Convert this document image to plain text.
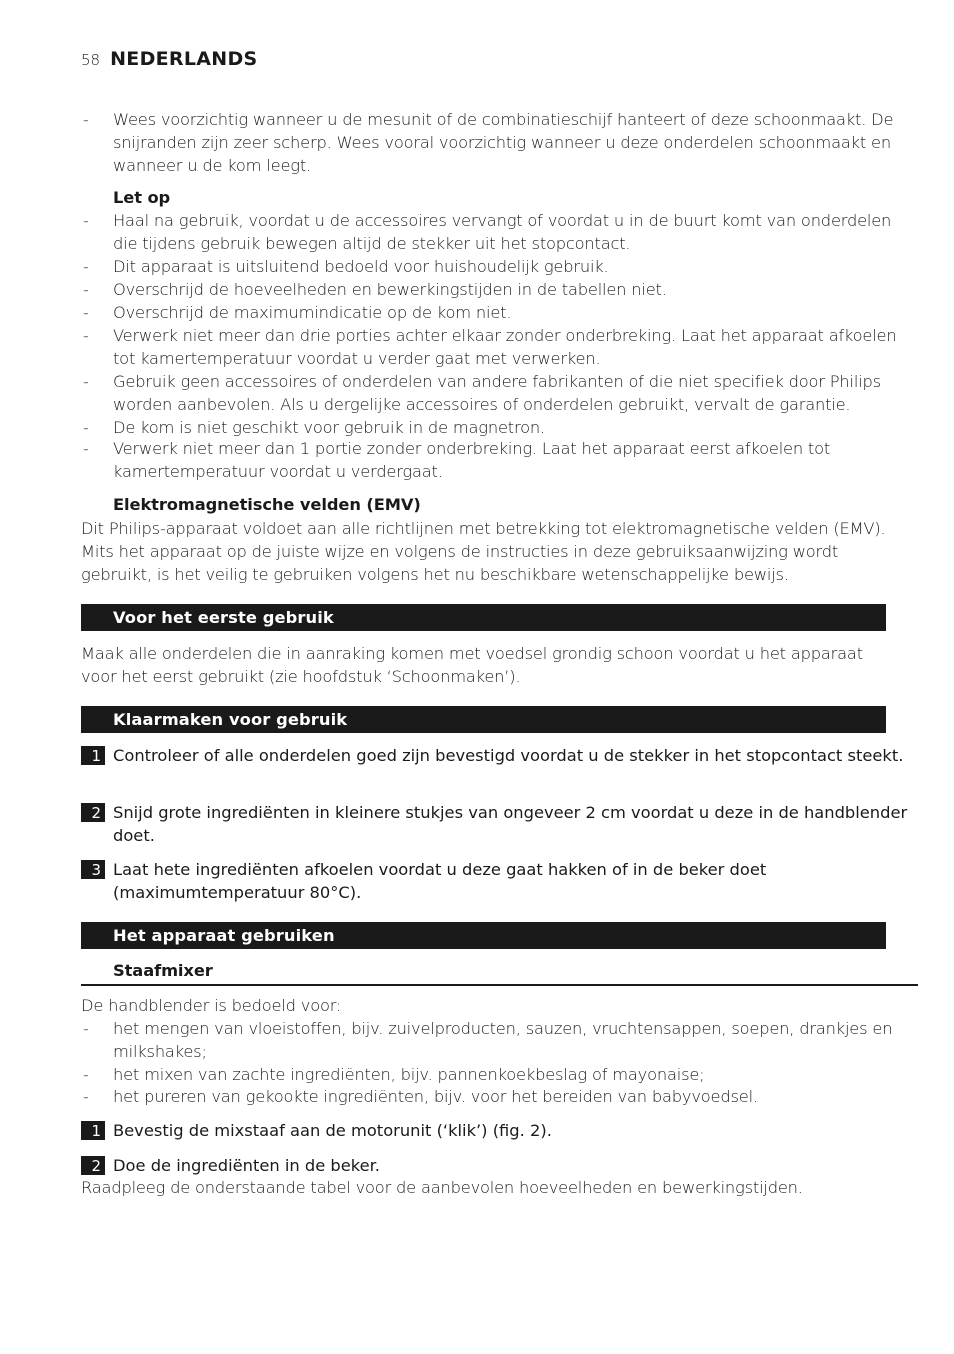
58 NEDERLANDS
- Wees voorzichtig wanneer u de mesunit of de combinatieschijf hanteert of deze schoonmaakt. De snijranden zijn zeer scherp. Wees vooral voorzichtig wanneer u deze onderdelen schoonmaakt en wanneer u de kom leegt.
Let op
- Haal na gebruik, voordat u de accessoires vervangt of voordat u in de buurt komt van onderdelen die tijdens gebruik bewegen altijd de stekker uit het stopcontact.
- Dit apparaat is uitsluitend bedoeld voor huishoudelijk gebruik.
- Overschrijd de hoeveelheden en bewerkingstijden in de tabellen niet.
- Overschrijd de maximumindicatie op de kom niet.
- Verwerk niet meer dan drie porties achter elkaar zonder onderbreking. Laat het apparaat afkoelen tot kamertemperatuur voordat u verder gaat met verwerken.
- Gebruik geen accessoires of onderdelen van andere fabrikanten of die niet specifiek door Philips worden aanbevolen. Als u dergelijke accessoires of onderdelen gebruikt, vervalt de garantie.
- De kom is niet geschikt voor gebruik in de magnetron.
- Verwerk niet meer dan 1 portie zonder onderbreking. Laat het apparaat eerst afkoelen tot kamertemperatuur voordat u verdergaat.
Elektromagnetische velden (EMV)
Dit Philips-apparaat voldoet aan alle richtlijnen met betrekking tot elektromagnetische velden (EMV). Mits het apparaat op de juiste wijze en volgens de instructies in deze gebruiksaanwijzing wordt gebruikt, is het veilig te gebruiken volgens het nu beschikbare wetenschappelijke bewijs.
Voor het eerste gebruik
Maak alle onderdelen die in aanraking komen met voedsel grondig schoon voordat u het apparaat voor het eerst gebruikt (zie hoofdstuk ‘Schoonmaken’).
Klaarmaken voor gebruik
1 Controleer of alle onderdelen goed zijn bevestigd voordat u de stekker in het stopcontact steekt.
2 Snijd grote ingrediënten in kleinere stukjes van ongeveer 2 cm voordat u deze in de handblender doet.
3 Laat hete ingrediënten afkoelen voordat u deze gaat hakken of in de beker doet (maximumtemperatuur 80°C).
Het apparaat gebruiken
Staafmixer
De handblender is bedoeld voor:
- het mengen van vloeistoffen, bijv. zuivelproducten, sauzen, vruchtensappen, soepen, drankjes en milkshakes;
- het mixen van zachte ingrediënten, bijv. pannenkoekbeslag of mayonaise;
- het pureren van gekookte ingrediënten, bijv. voor het bereiden van babyvoedsel.
1 Bevestig de mixstaaf aan de motorunit (‘klik’) (fig. 2).
2 Doe de ingrediënten in de beker.
Raadpleeg de onderstaande tabel voor de aanbevolen hoeveelheden en bewerkingstijden.
